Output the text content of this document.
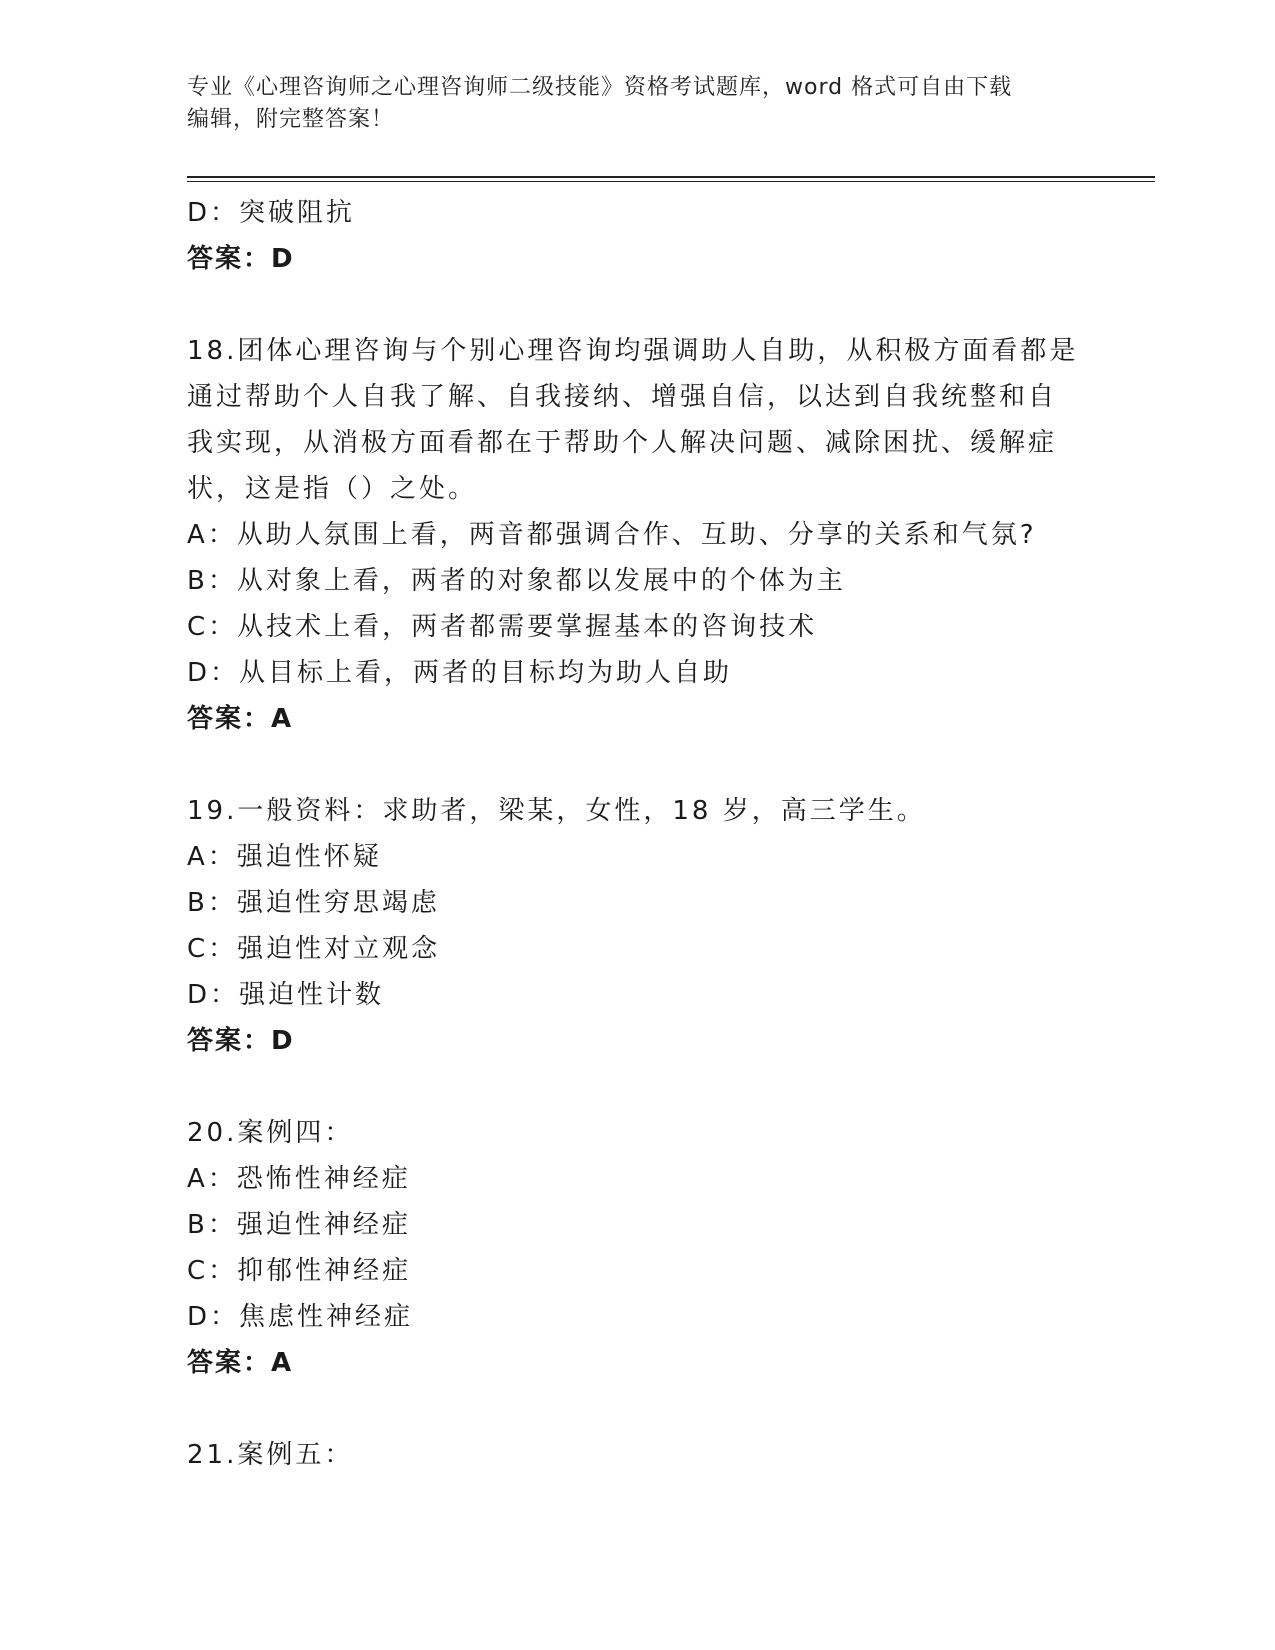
专业《心理咨询师之心理咨询师二级技能》资格考试题库，word 格式可自由下载
编辑，附完整答案！
D：突破阻抗
答案：D
18.团体心理咨询与个别心理咨询均强调助人自助，从积极方面看都是
通过帮助个人自我了解、自我接纳、增强自信，以达到自我统整和自
我实现，从消极方面看都在于帮助个人解决问题、减除困扰、缓解症
状，这是指（）之处。
A：从助人氛围上看，两音都强调合作、互助、分享的关系和气氛?
B：从对象上看，两者的对象都以发展中的个体为主
C：从技术上看，两者都需要掌握基本的咨询技术
D：从目标上看，两者的目标均为助人自助
答案：A
19.一般资料：求助者，梁某，女性，18 岁，高三学生。
A：强迫性怀疑
B：强迫性穷思竭虑
C：强迫性对立观念
D：强迫性计数
答案：D
20.案例四：
A：恐怖性神经症
B：强迫性神经症
C：抑郁性神经症
D：焦虑性神经症
答案：A
21.案例五：
